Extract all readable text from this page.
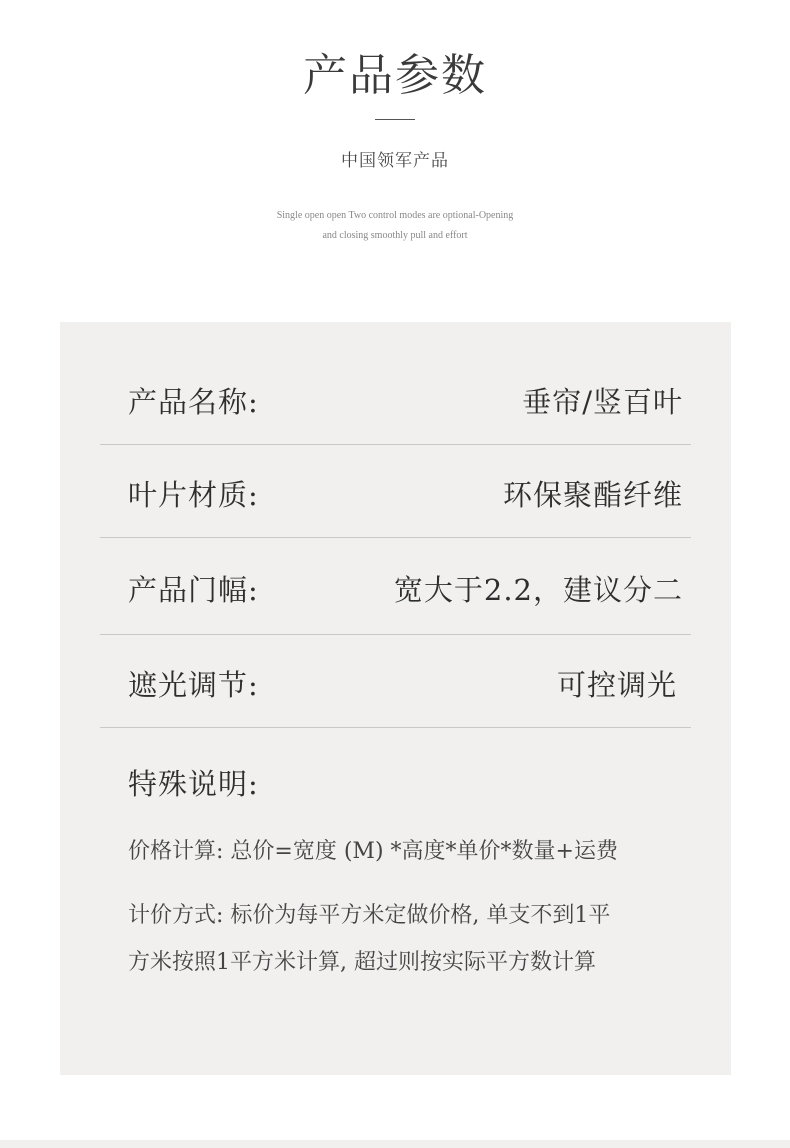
产品参数
中国领军产品
Single open open Two control modes are optional-Opening
and closing smoothly pull and effort
产品名称:	垂帘/竖百叶
叶片材质:	环保聚酯纤维
产品门幅:	宽大于2.2，建议分二
遮光调节:	可控调光
特殊说明:
价格计算: 总价=宽度 (M) *高度*单价*数量+运费
计价方式: 标价为每平方米定做价格, 单支不到1平
方米按照1平方米计算, 超过则按实际平方数计算
